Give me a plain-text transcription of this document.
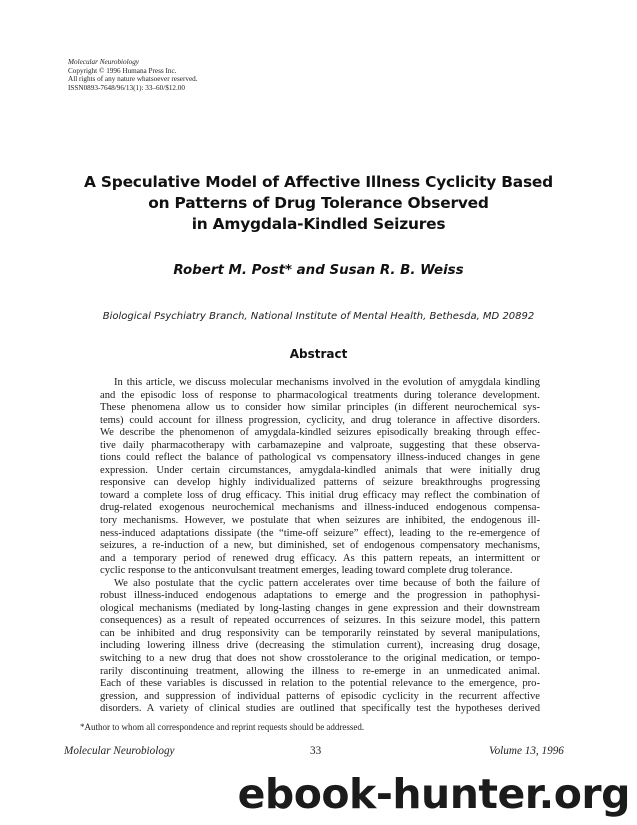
Molecular Neurobiology
Copyright © 1996 Humana Press Inc.
All rights of any nature whatsoever reserved.
ISSN0893-7648/96/13(1): 33–60/$12.00
A Speculative Model of Affective Illness Cyclicity Based
on Patterns of Drug Tolerance Observed
in Amygdala-Kindled Seizures
Robert M. Post* and Susan R. B. Weiss
Biological Psychiatry Branch, National Institute of Mental Health, Bethesda, MD 20892
Abstract
In this article, we discuss molecular mechanisms involved in the evolution of amygdala kindling
and the episodic loss of response to pharmacological treatments during tolerance development.
These phenomena allow us to consider how similar principles (in different neurochemical sys-
tems) could account for illness progression, cyclicity, and drug tolerance in affective disorders.
We describe the phenomenon of amygdala-kindled seizures episodically breaking through effec-
tive daily pharmacotherapy with carbamazepine and valproate, suggesting that these observa-
tions could reflect the balance of pathological vs compensatory illness-induced changes in gene
expression. Under certain circumstances, amygdala-kindled animals that were initially drug
responsive can develop highly individualized patterns of seizure breakthroughs progressing
toward a complete loss of drug efficacy. This initial drug efficacy may reflect the combination of
drug-related exogenous neurochemical mechanisms and illness-induced endogenous compensa-
tory mechanisms. However, we postulate that when seizures are inhibited, the endogenous ill-
ness-induced adaptations dissipate (the “time-off seizure” effect), leading to the re-emergence of
seizures, a re-induction of a new, but diminished, set of endogenous compensatory mechanisms,
and a temporary period of renewed drug efficacy. As this pattern repeats, an intermittent or
cyclic response to the anticonvulsant treatment emerges, leading toward complete drug tolerance.
We also postulate that the cyclic pattern accelerates over time because of both the failure of
robust illness-induced endogenous adaptations to emerge and the progression in pathophysi-
ological mechanisms (mediated by long-lasting changes in gene expression and their downstream
consequences) as a result of repeated occurrences of seizures. In this seizure model, this pattern
can be inhibited and drug responsivity can be temporarily reinstated by several manipulations,
including lowering illness drive (decreasing the stimulation current), increasing drug dosage,
switching to a new drug that does not show crosstolerance to the original medication, or tempo-
rarily discontinuing treatment, allowing the illness to re-emerge in an unmedicated animal.
Each of these variables is discussed in relation to the potential relevance to the emergence, pro-
gression, and suppression of individual patterns of episodic cyclicity in the recurrent affective
disorders. A variety of clinical studies are outlined that specifically test the hypotheses derived
*Author to whom all correspondence and reprint requests should be addressed.
Molecular Neurobiology	33	Volume 13, 1996
ebook-hunter.org
